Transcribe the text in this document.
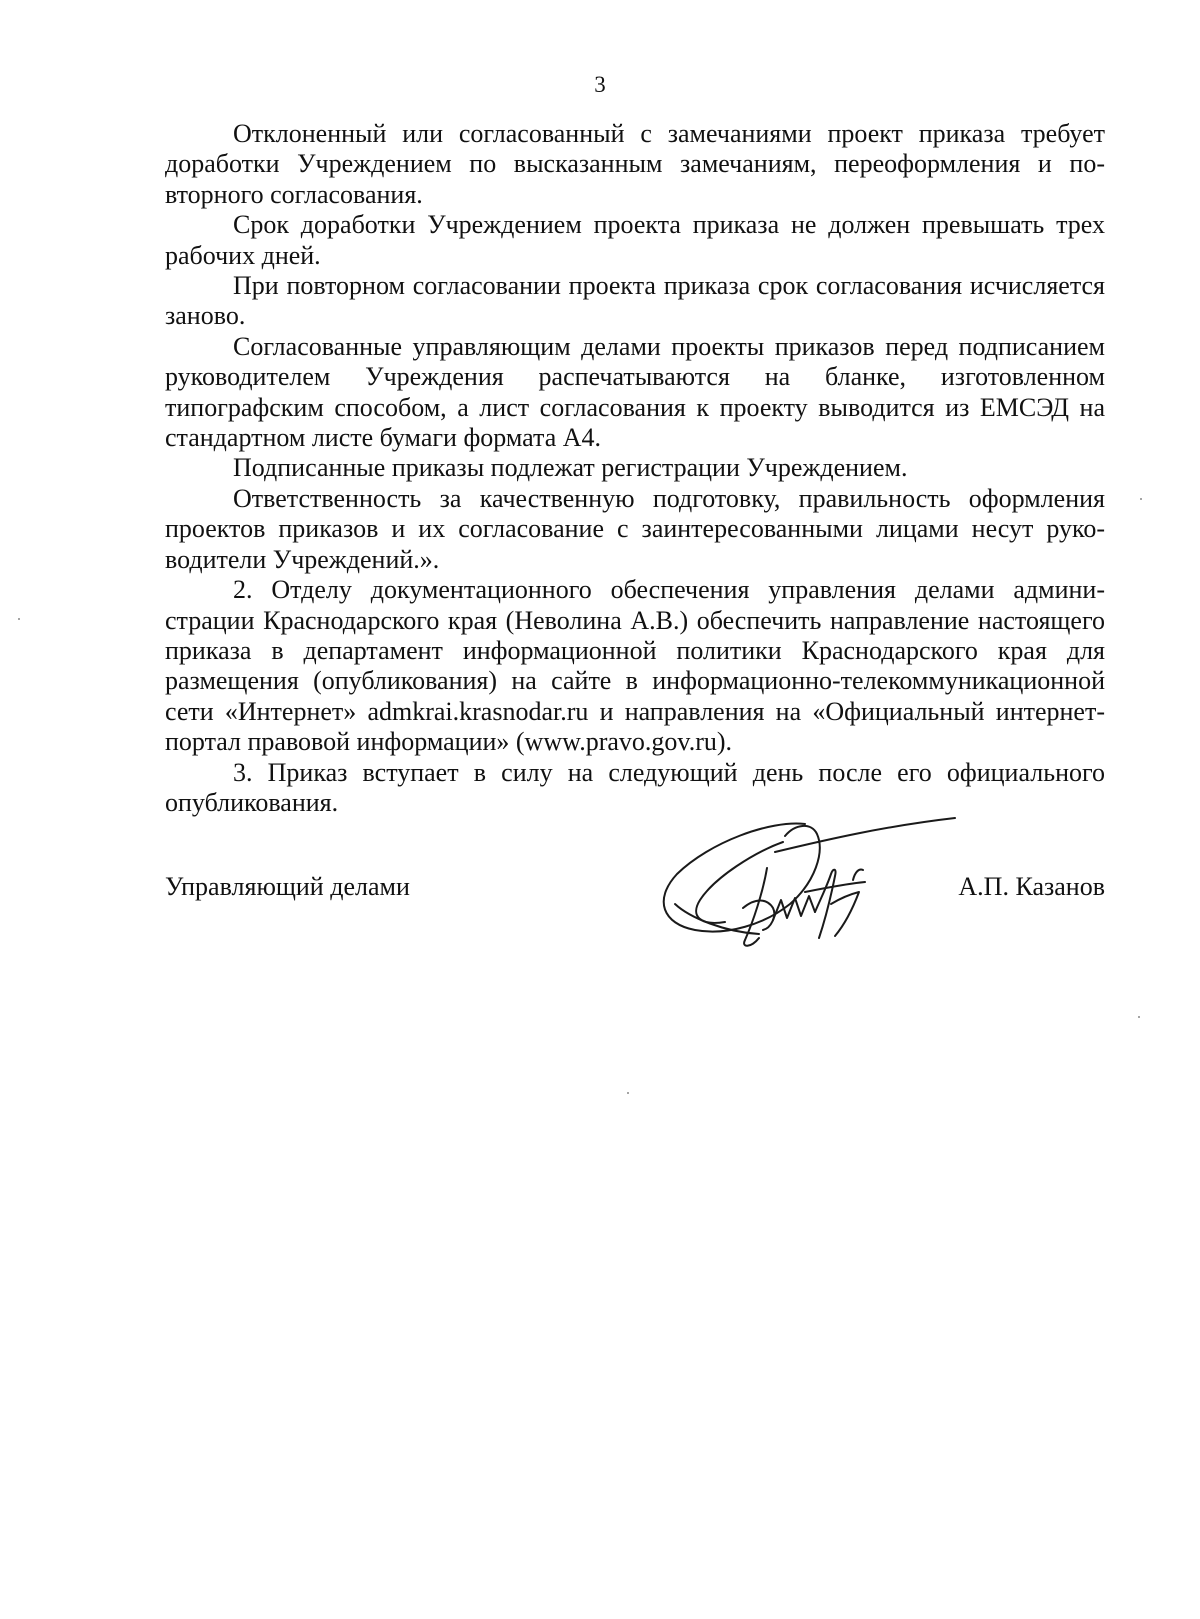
3

Отклоненный или согласованный с замечаниями проект приказа требует доработки Учреждением по высказанным замечаниям, переоформления и повторного согласования.

Срок доработки Учреждением проекта приказа не должен превышать трех рабочих дней.

При повторном согласовании проекта приказа срок согласования исчисляется заново.

Согласованные управляющим делами проекты приказов перед подписанием руководителем Учреждения распечатываются на бланке, изготовленном типографским способом, а лист согласования к проекту выводится из ЕМСЭД на стандартном листе бумаги формата А4.

Подписанные приказы подлежат регистрации Учреждением.

Ответственность за качественную подготовку, правильность оформления проектов приказов и их согласование с заинтересованными лицами несут руководители Учреждений.».

2. Отделу документационного обеспечения управления делами администрации Краснодарского края (Неволина А.В.) обеспечить направление настоящего приказа в департамент информационной политики Краснодарского края для размещения (опубликования) на сайте в информационно-телекоммуникационной сети «Интернет» admkrai.krasnodar.ru и направления на «Официальный интернет-портал правовой информации» (www.pravo.gov.ru).

3. Приказ вступает в силу на следующий день после его официального опубликования.

Управляющий делами	А.П. Казанов
